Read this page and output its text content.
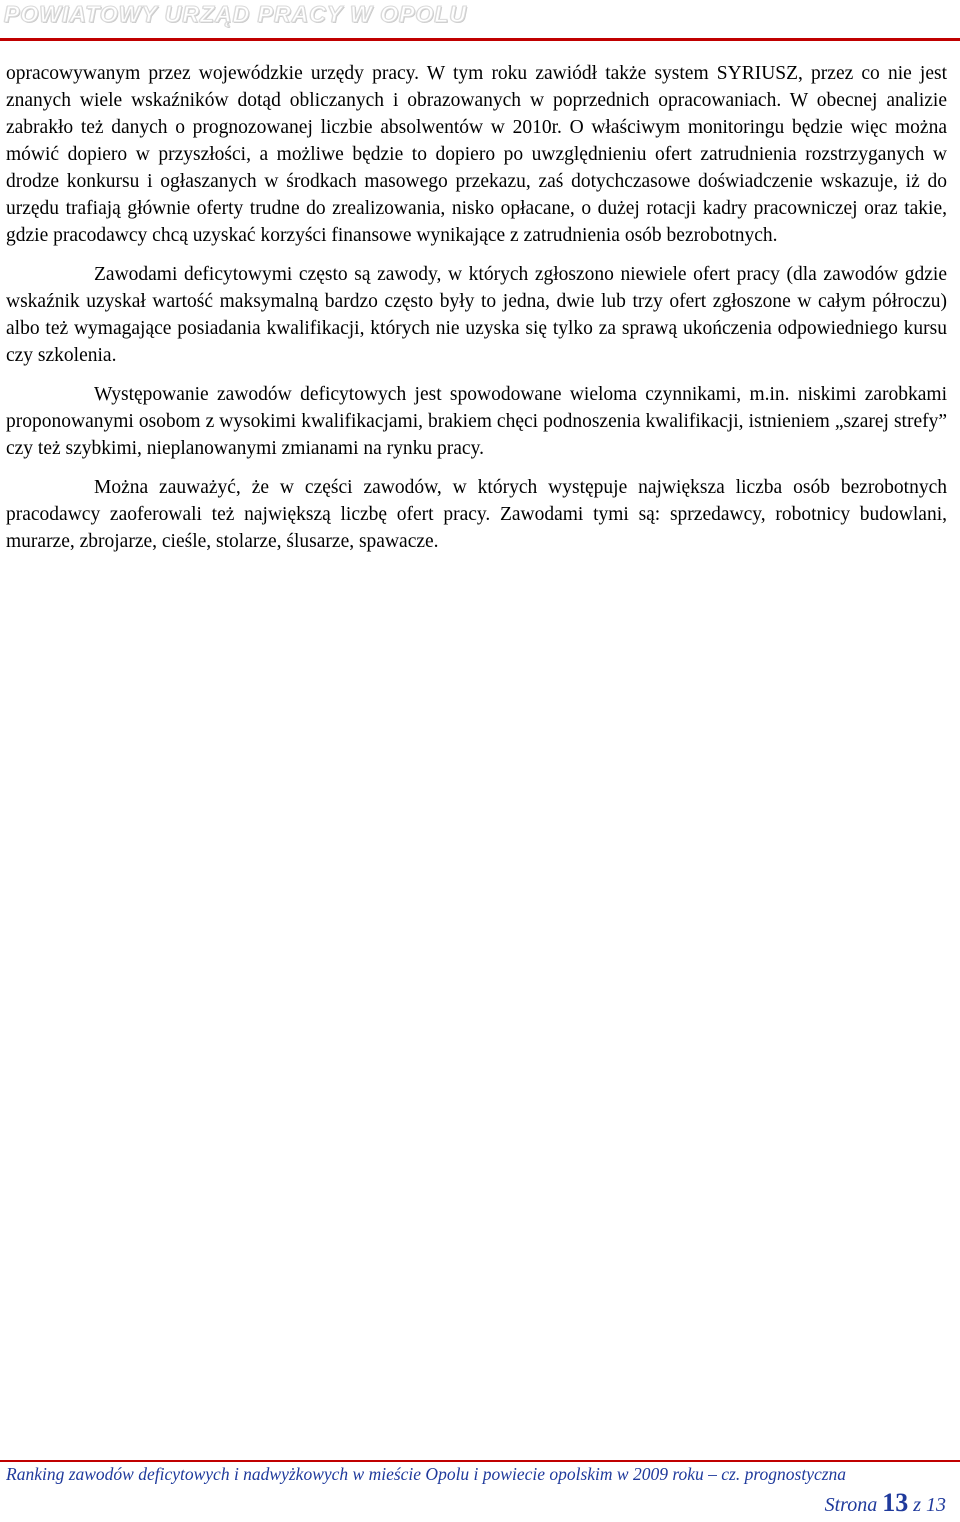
POWIATOWY URZĄD PRACY W OPOLU

opracowywanym przez wojewódzkie urzędy pracy. W tym roku zawiódł także system SYRIUSZ, przez co nie jest znanych wiele wskaźników dotąd obliczanych i obrazowanych w poprzednich opracowaniach. W obecnej analizie zabrakło też danych o prognozowanej liczbie absolwentów w 2010r. O właściwym monitoringu będzie więc można mówić dopiero w przyszłości, a możliwe będzie to dopiero po uwzględnieniu ofert zatrudnienia rozstrzyganych w drodze konkursu i ogłaszanych w środkach masowego przekazu, zaś dotychczasowe doświadczenie wskazuje, iż do urzędu trafiają głównie oferty trudne do zrealizowania, nisko opłacane, o dużej rotacji kadry pracowniczej oraz takie, gdzie pracodawcy chcą uzyskać korzyści finansowe wynikające z zatrudnienia osób bezrobotnych.

Zawodami deficytowymi często są zawody, w których zgłoszono niewiele ofert pracy (dla zawodów gdzie wskaźnik uzyskał wartość maksymalną bardzo często były to jedna, dwie lub trzy ofert zgłoszone w całym półroczu) albo też wymagające posiadania kwalifikacji, których nie uzyska się tylko za sprawą ukończenia odpowiedniego kursu czy szkolenia.

Występowanie zawodów deficytowych jest spowodowane wieloma czynnikami, m.in. niskimi zarobkami proponowanymi osobom z wysokimi kwalifikacjami, brakiem chęci podnoszenia kwalifikacji, istnieniem „szarej strefy” czy też szybkimi, nieplanowanymi zmianami na rynku pracy.

Można zauważyć, że w części zawodów, w których występuje największa liczba osób bezrobotnych pracodawcy zaoferowali też największą liczbę ofert pracy. Zawodami tymi są: sprzedawcy, robotnicy budowlani, murarze, zbrojarze, cieśle, stolarze, ślusarze, spawacze.

Ranking zawodów deficytowych i nadwyżkowych w mieście Opolu i powiecie opolskim w 2009 roku – cz. prognostyczna
Strona 13 z 13
